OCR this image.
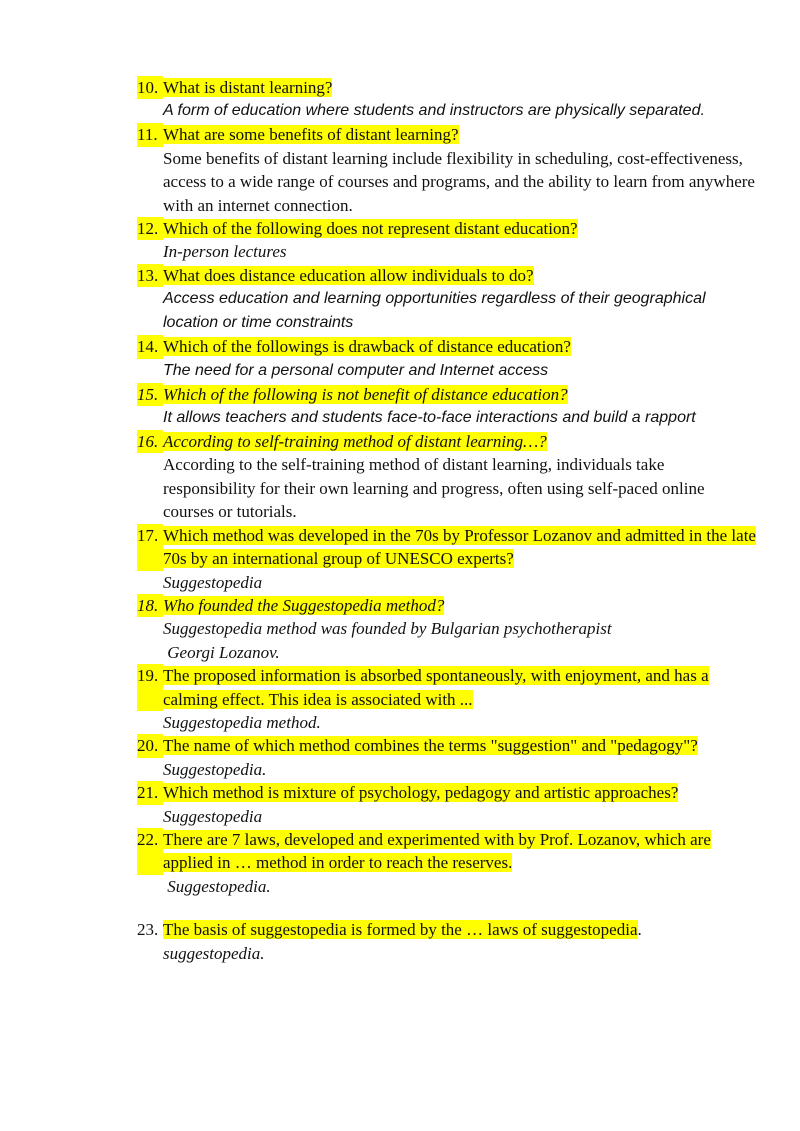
10. What is distant learning?
A form of education where students and instructors are physically separated.
11. What are some benefits of distant learning?
Some benefits of distant learning include flexibility in scheduling, cost-effectiveness, access to a wide range of courses and programs, and the ability to learn from anywhere with an internet connection.
12. Which of the following does not represent distant education?
In-person lectures
13. What does distance education allow individuals to do?
Access education and learning opportunities regardless of their geographical location or time constraints
14. Which of the followings is drawback of distance education?
The need for a personal computer and Internet access
15. Which of the following is not benefit of distance education?
It allows teachers and students face-to-face interactions and build a rapport
16. According to self-training method of distant learning…?
According to the self-training method of distant learning, individuals take responsibility for their own learning and progress, often using self-paced online courses or tutorials.
17. Which method was developed in the 70s by Professor Lozanov and admitted in the late 70s by an international group of UNESCO experts?
Suggestopedia
18. Who founded the Suggestopedia method?
Suggestopedia method was founded by Bulgarian psychotherapist
Georgi Lozanov.
19. The proposed information is absorbed spontaneously, with enjoyment, and has a calming effect. This idea is associated with ...
Suggestopedia method.
20. The name of which method combines the terms "suggestion" and "pedagogy"?
Suggestopedia.
21. Which method is mixture of psychology, pedagogy and artistic approaches?
Suggestopedia
22. There are 7 laws, developed and experimented with by Prof. Lozanov, which are applied in … method in order to reach the reserves.
Suggestopedia.
23. The basis of suggestopedia is formed by the … laws of suggestopedia.
suggestopedia.
